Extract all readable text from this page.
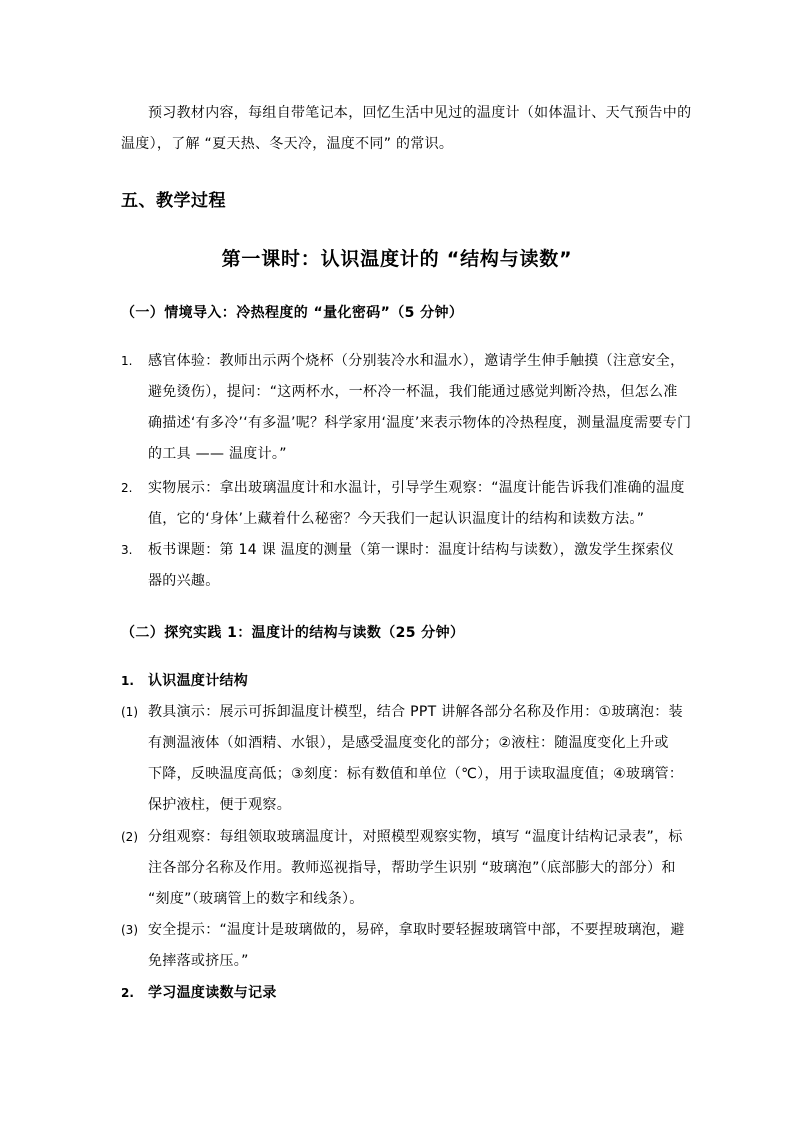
预习教材内容，每组自带笔记本，回忆生活中见过的温度计（如体温计、天气预告中的
温度），了解 “夏天热、冬天冷，温度不同” 的常识。
五、教学过程
第一课时：认识温度计的 “结构与读数”
（一）情境导入：冷热程度的 “量化密码”（5 分钟）
1. 感官体验：教师出示两个烧杯（分别装冷水和温水），邀请学生伸手触摸（注意安全，
避免烫伤），提问：“这两杯水，一杯冷一杯温，我们能通过感觉判断冷热，但怎么准
确描述‘有多冷’‘有多温’呢？科学家用‘温度’来表示物体的冷热程度，测量温度需要专门
的工具 —— 温度计。”
2. 实物展示：拿出玻璃温度计和水温计，引导学生观察：“温度计能告诉我们准确的温度
值，它的‘身体’上藏着什么秘密？今天我们一起认识温度计的结构和读数方法。”
3. 板书课题：第 14 课 温度的测量（第一课时：温度计结构与读数），激发学生探索仪
器的兴趣。
（二）探究实践 1：温度计的结构与读数（25 分钟）
1. 认识温度计结构
(1) 教具演示：展示可拆卸温度计模型，结合 PPT 讲解各部分名称及作用：①玻璃泡：装
有测温液体（如酒精、水银），是感受温度变化的部分；②液柱：随温度变化上升或
下降，反映温度高低；③刻度：标有数值和单位（℃），用于读取温度值；④玻璃管：
保护液柱，便于观察。
(2) 分组观察：每组领取玻璃温度计，对照模型观察实物，填写 “温度计结构记录表”，标
注各部分名称及作用。教师巡视指导，帮助学生识别 “玻璃泡”（底部膨大的部分）和
“刻度”（玻璃管上的数字和线条）。
(3) 安全提示：“温度计是玻璃做的，易碎，拿取时要轻握玻璃管中部，不要捏玻璃泡，避
免摔落或挤压。”
2. 学习温度读数与记录
